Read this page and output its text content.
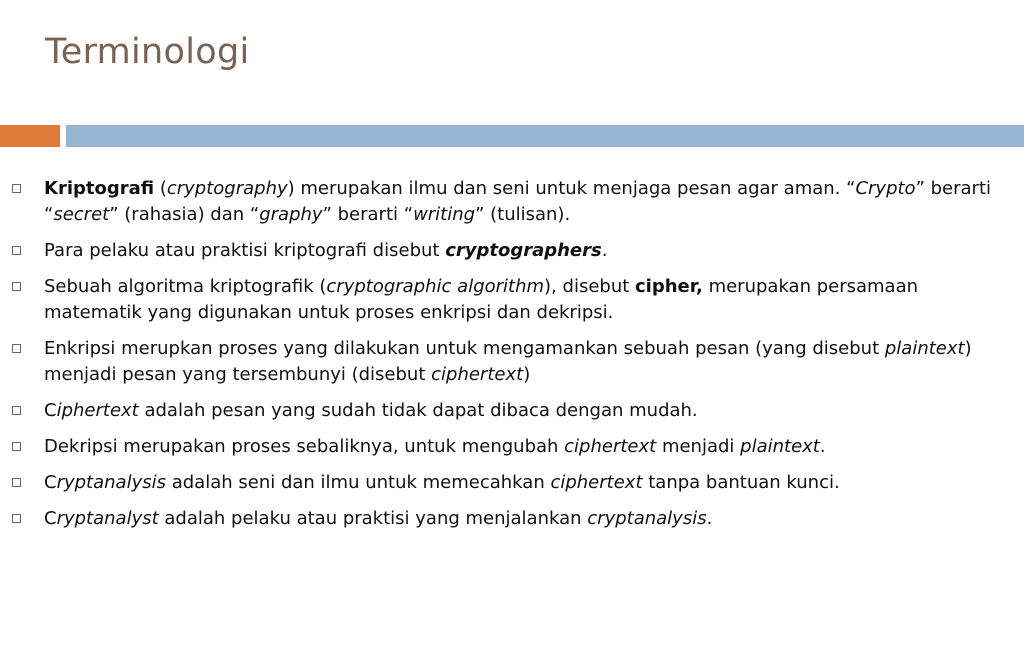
Terminologi
Kriptografi (cryptography) merupakan ilmu dan seni untuk menjaga pesan agar aman. “Crypto” berarti “secret” (rahasia) dan “graphy” berarti “writing” (tulisan).
Para pelaku atau praktisi kriptografi disebut cryptographers.
Sebuah algoritma kriptografik (cryptographic algorithm), disebut cipher, merupakan persamaan matematik yang digunakan untuk proses enkripsi dan dekripsi.
Enkripsi merupkan proses yang dilakukan untuk mengamankan sebuah pesan (yang disebut plaintext) menjadi pesan yang tersembunyi (disebut ciphertext)
Ciphertext adalah pesan yang sudah tidak dapat dibaca dengan mudah.
Dekripsi merupakan proses sebaliknya, untuk mengubah ciphertext menjadi plaintext.
Cryptanalysis adalah seni dan ilmu untuk memecahkan ciphertext tanpa bantuan kunci.
Cryptanalyst adalah pelaku atau praktisi yang menjalankan cryptanalysis.
